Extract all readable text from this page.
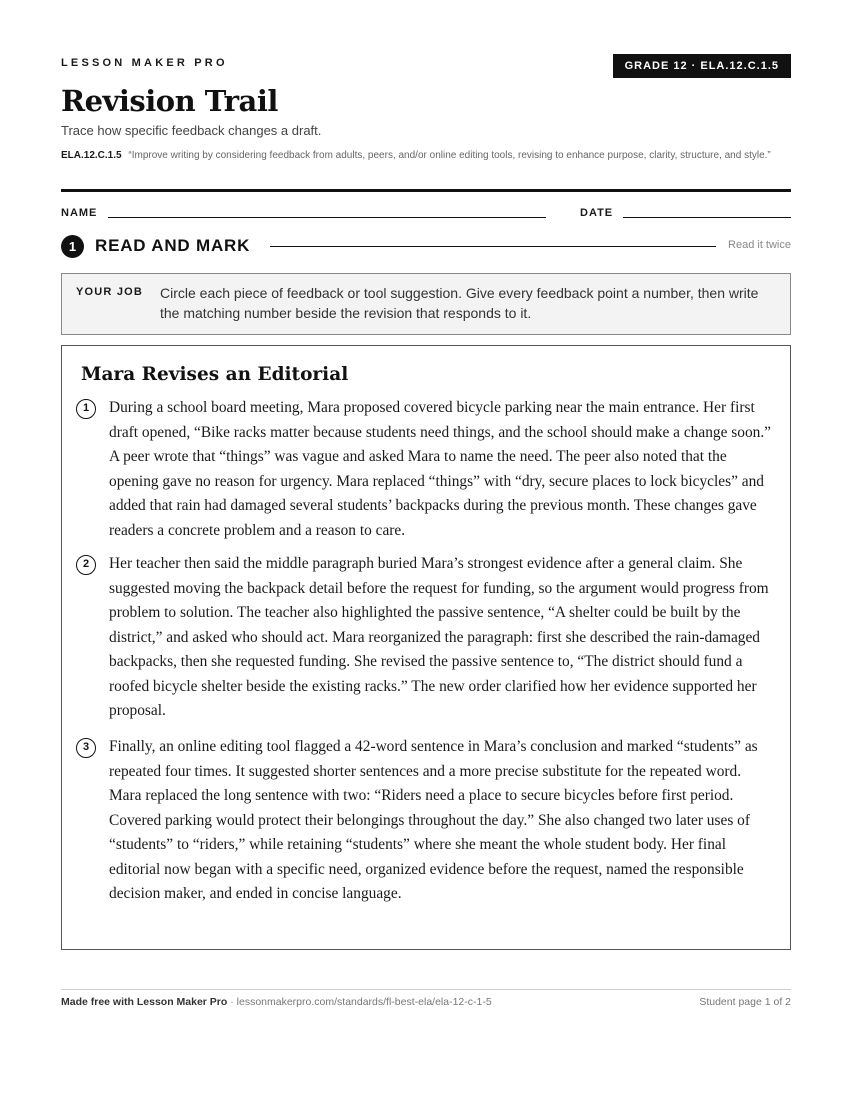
LESSON MAKER PRO	GRADE 12 · ELA.12.C.1.5
Revision Trail
Trace how specific feedback changes a draft.
ELA.12.C.1.5 “Improve writing by considering feedback from adults, peers, and/or online editing tools, revising to enhance purpose, clarity, structure, and style.”
NAME	DATE
1	READ AND MARK	Read it twice
YOUR JOB Circle each piece of feedback or tool suggestion. Give every feedback point a number, then write the matching number beside the revision that responds to it.
Mara Revises an Editorial
1	During a school board meeting, Mara proposed covered bicycle parking near the main entrance. Her first draft opened, “Bike racks matter because students need things, and the school should make a change soon.” A peer wrote that “things” was vague and asked Mara to name the need. The peer also noted that the opening gave no reason for urgency. Mara replaced “things” with “dry, secure places to lock bicycles” and added that rain had damaged several students’ backpacks during the previous month. These changes gave readers a concrete problem and a reason to care.

2	Her teacher then said the middle paragraph buried Mara’s strongest evidence after a general claim. She suggested moving the backpack detail before the request for funding, so the argument would progress from problem to solution. The teacher also highlighted the passive sentence, “A shelter could be built by the district,” and asked who should act. Mara reorganized the paragraph: first she described the rain-damaged backpacks, then she requested funding. She revised the passive sentence to, “The district should fund a roofed bicycle shelter beside the existing racks.” The new order clarified how her evidence supported her proposal.

3	Finally, an online editing tool flagged a 42-word sentence in Mara’s conclusion and marked “students” as repeated four times. It suggested shorter sentences and a more precise substitute for the repeated word. Mara replaced the long sentence with two: “Riders need a place to secure bicycles before first period. Covered parking would protect their belongings throughout the day.” She also changed two later uses of “students” to “riders,” while retaining “students” where she meant the whole student body. Her final editorial now began with a specific need, organized evidence before the request, named the responsible decision maker, and ended in concise language.

Made free with Lesson Maker Pro · lessonmakerpro.com/standards/fl-best-ela/ela-12-c-1-5	Student page 1 of 2
